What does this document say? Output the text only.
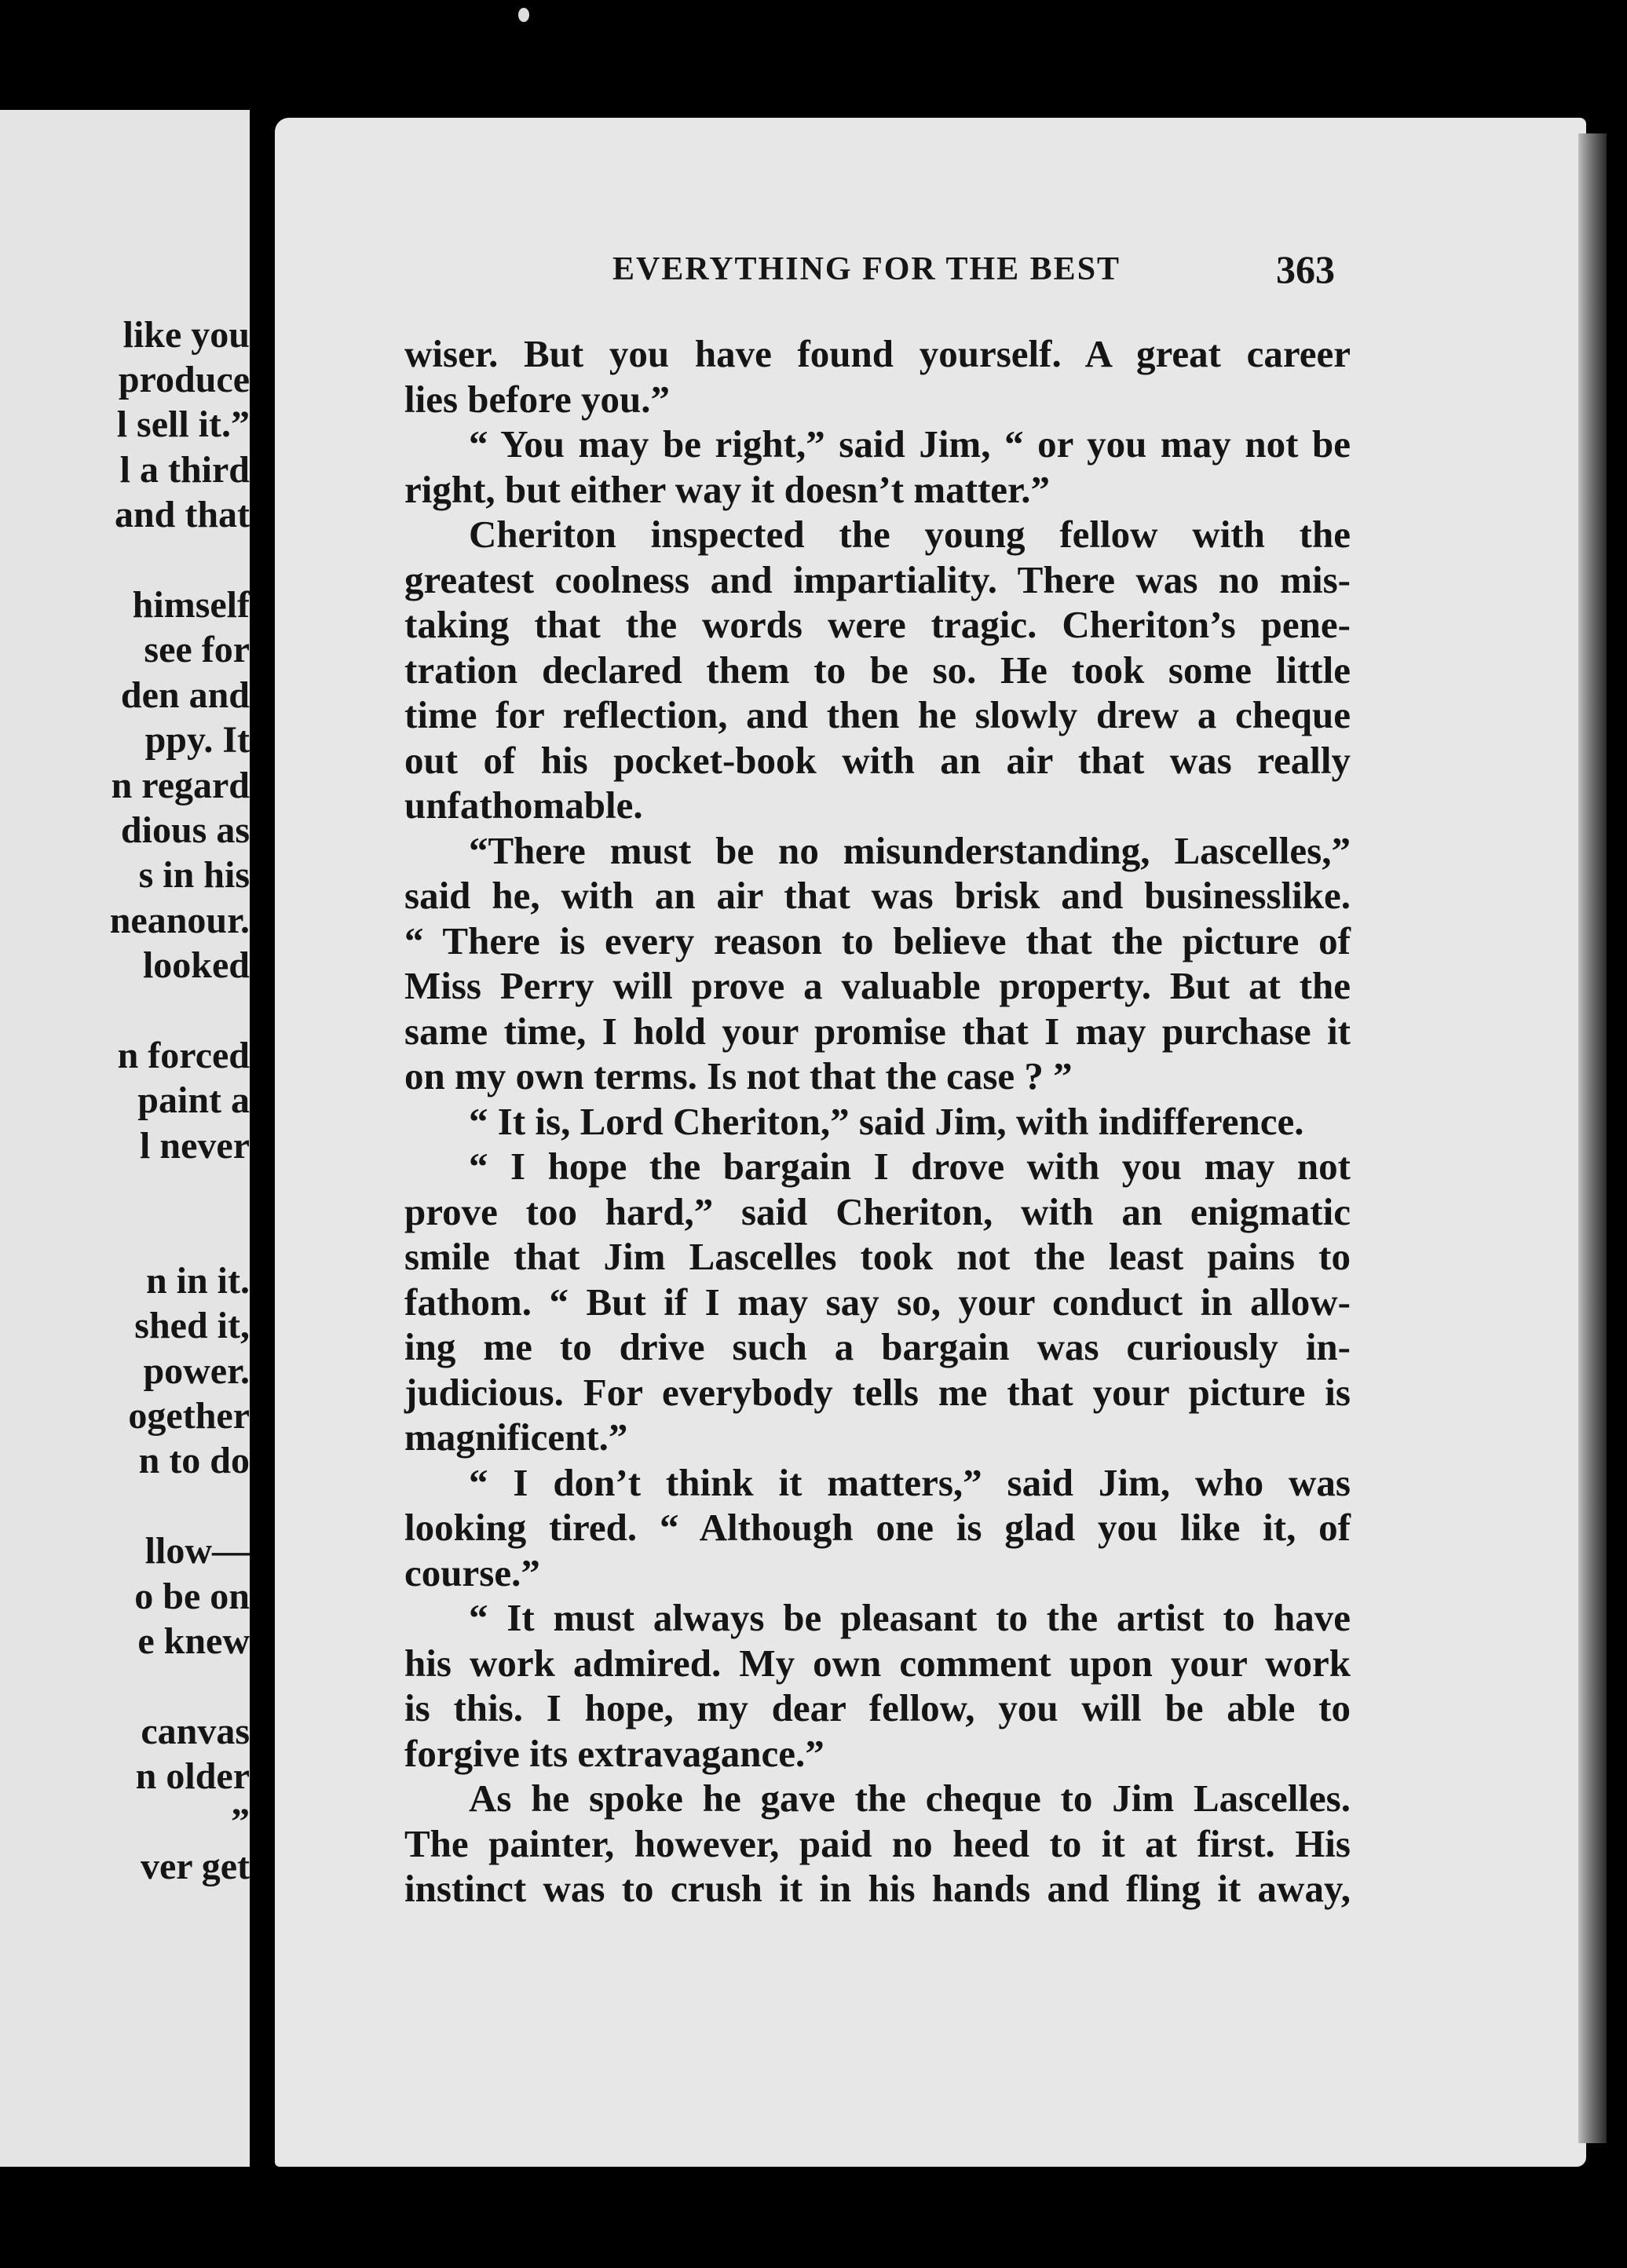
like you
produce
l sell it.”
l a third
and that
himself
see for
den and
ppy. It
n regard
dious as
s in his
neanour.
looked
n forced
paint a
l never
n in it.
shed it,
power.
ogether
n to do
llow—
o be on
e knew
canvas
n older
”
ver get
EVERYTHING FOR THE BEST	363
wiser. But you have found yourself. A great career
lies before you.”
“ You may be right,” said Jim, “ or you may not be
right, but either way it doesn’t matter.”
Cheriton inspected the young fellow with the
greatest coolness and impartiality. There was no mis-
taking that the words were tragic. Cheriton’s pene-
tration declared them to be so. He took some little
time for reflection, and then he slowly drew a cheque
out of his pocket-book with an air that was really
unfathomable.
“There must be no misunderstanding, Lascelles,”
said he, with an air that was brisk and businesslike.
“ There is every reason to believe that the picture of
Miss Perry will prove a valuable property. But at the
same time, I hold your promise that I may purchase it
on my own terms. Is not that the case ? ”
“ It is, Lord Cheriton,” said Jim, with indifference.
“ I hope the bargain I drove with you may not
prove too hard,” said Cheriton, with an enigmatic
smile that Jim Lascelles took not the least pains to
fathom. “ But if I may say so, your conduct in allow-
ing me to drive such a bargain was curiously in-
judicious. For everybody tells me that your picture is
magnificent.”
“ I don’t think it matters,” said Jim, who was
looking tired. “ Although one is glad you like it, of
course.”
“ It must always be pleasant to the artist to have
his work admired. My own comment upon your work
is this. I hope, my dear fellow, you will be able to
forgive its extravagance.”
As he spoke he gave the cheque to Jim Lascelles.
The painter, however, paid no heed to it at first. His
instinct was to crush it in his hands and fling it away,
